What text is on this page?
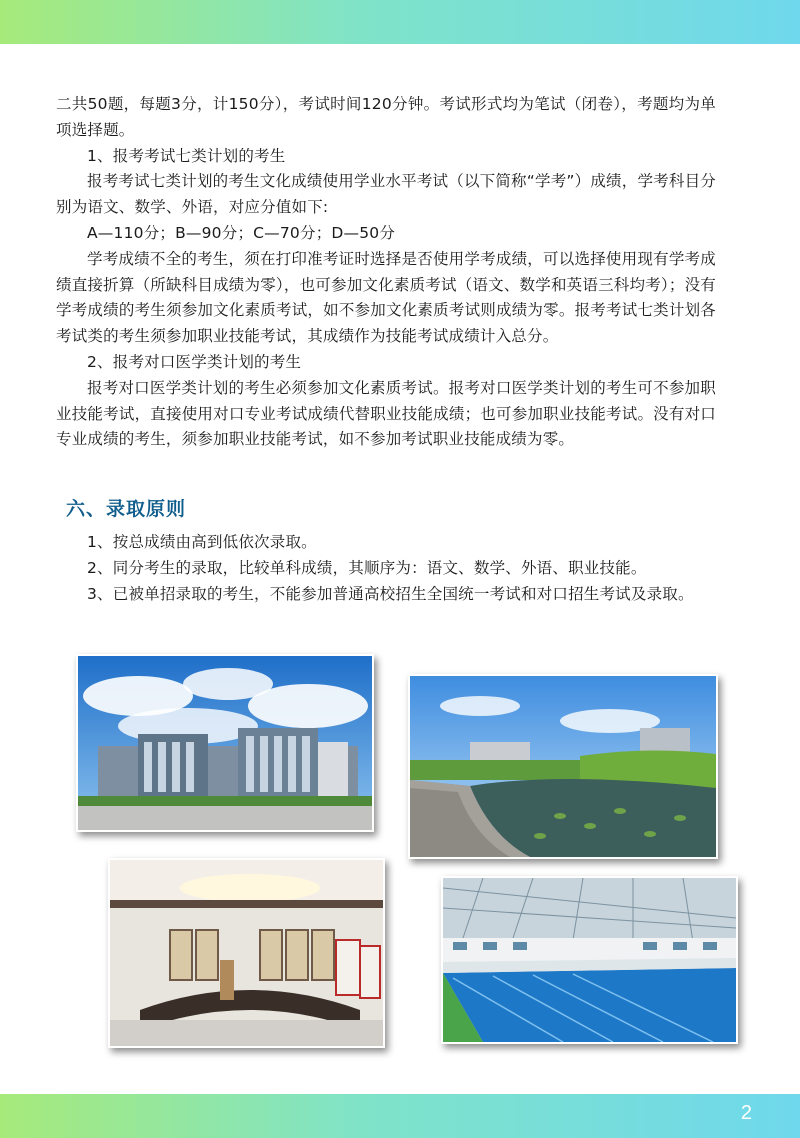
二共50题，每题3分，计150分），考试时间120分钟。考试形式均为笔试（闭卷），考题均为单项选择题。

1、报考考试七类计划的考生

报考考试七类计划的考生文化成绩使用学业水平考试（以下简称“学考”）成绩，学考科目分别为语文、数学、外语，对应分值如下:

A—110分；B—90分；C—70分；D—50分

学考成绩不全的考生，须在打印准考证时选择是否使用学考成绩，可以选择使用现有学考成绩直接折算（所缺科目成绩为零），也可参加文化素质考试（语文、数学和英语三科均考）；没有学考成绩的考生须参加文化素质考试，如不参加文化素质考试则成绩为零。报考考试七类计划各考试类的考生须参加职业技能考试，其成绩作为技能考试成绩计入总分。

2、报考对口医学类计划的考生

报考对口医学类计划的考生必须参加文化素质考试。报考对口医学类计划的考生可不参加职业技能考试，直接使用对口专业考试成绩代替职业技能成绩；也可参加职业技能考试。没有对口专业成绩的考生，须参加职业技能考试，如不参加考试职业技能成绩为零。

六、录取原则

1、按总成绩由高到低依次录取。

2、同分考生的录取，比较单科成绩，其顺序为：语文、数学、外语、职业技能。

3、已被单招录取的考生，不能参加普通高校招生全国统一考试和对口招生考试及录取。

2
